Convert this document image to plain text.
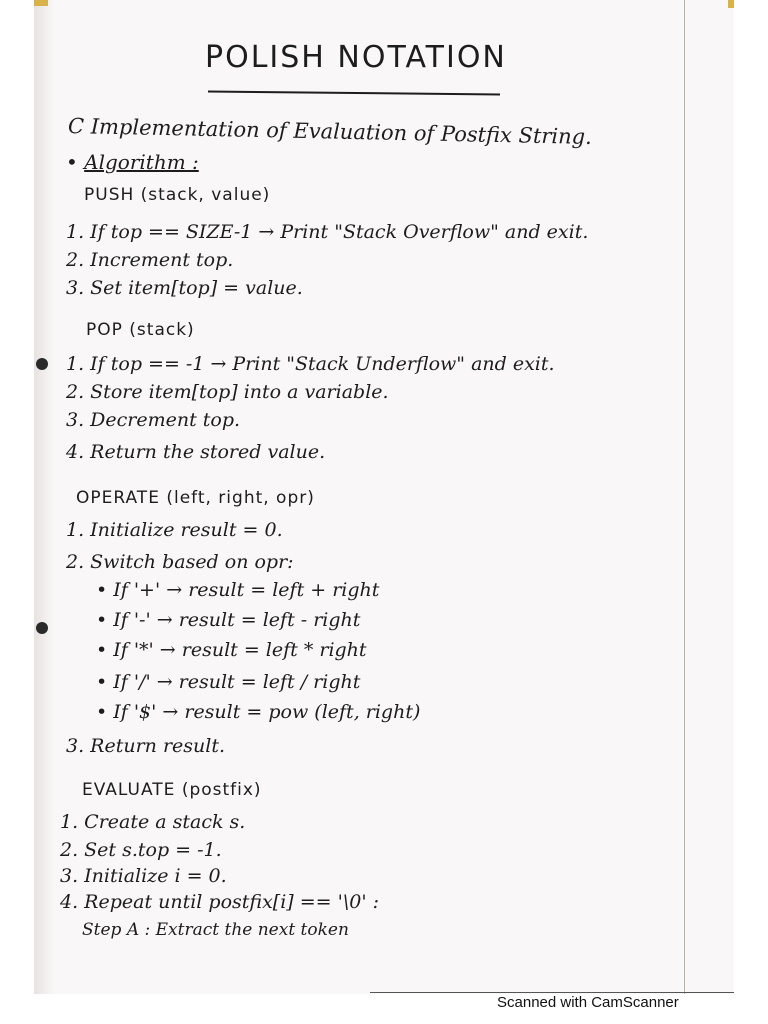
POLISH NOTATION
C Implementation of Evaluation of Postfix String.
• Algorithm :
PUSH (stack, value)
1. If top == SIZE-1 → Print "Stack Overflow" and exit.
2. Increment top.
3. Set item[top] = value.
POP (stack)
1. If top == -1 → Print "Stack Underflow" and exit.
2. Store item[top] into a variable.
3. Decrement top.
4. Return the stored value.
OPERATE (left, right, opr)
1. Initialize result = 0.
2. Switch based on opr:
• If '+' → result = left + right
• If '-' → result = left - right
• If '*' → result = left * right
• If '/' → result = left / right
• If '$' → result = pow (left, right)
3. Return result.
EVALUATE (postfix)
1. Create a stack s.
2. Set s.top = -1.
3. Initialize i = 0.
4. Repeat until postfix[i] == '\0' :
Step A : Extract the next token
Scanned with CamScanner
